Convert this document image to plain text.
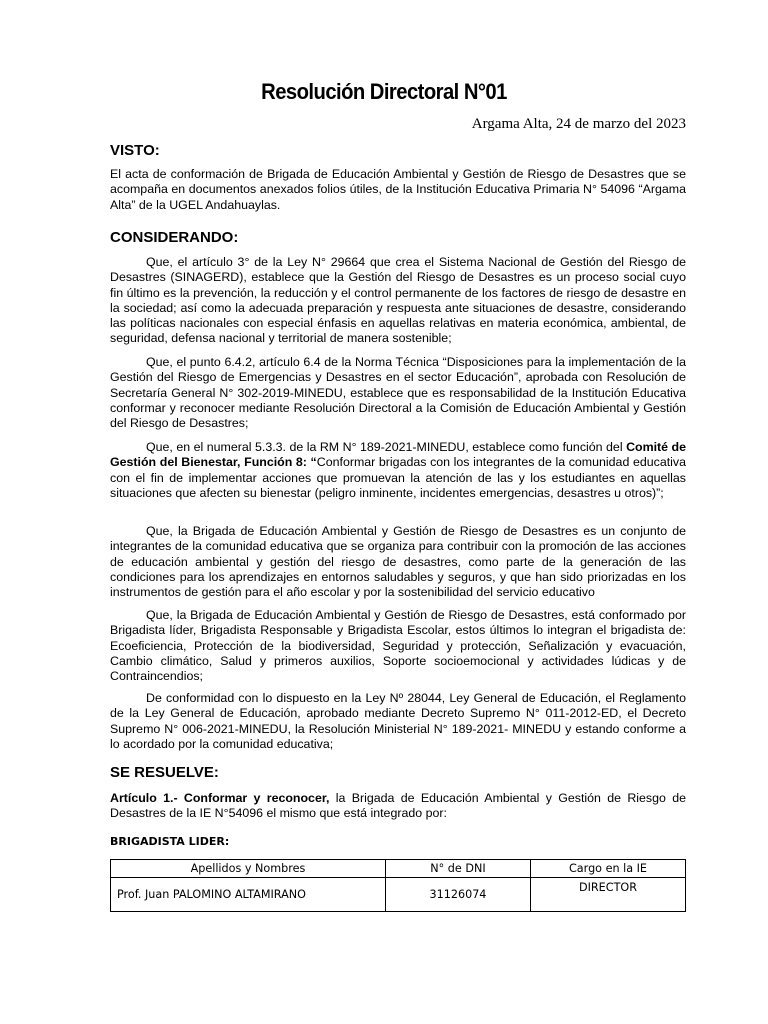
Resolución Directoral N°01
Argama Alta, 24 de marzo del 2023
VISTO:
El acta de conformación de Brigada de Educación Ambiental y Gestión de Riesgo de Desastres que se acompaña en documentos anexados folios útiles, de la Institución Educativa Primaria N° 54096 “Argama Alta” de la UGEL Andahuaylas.
CONSIDERANDO:
Que, el artículo 3° de la Ley N° 29664 que crea el Sistema Nacional de Gestión del Riesgo de Desastres (SINAGERD), establece que la Gestión del Riesgo de Desastres es un proceso social cuyo fin último es la prevención, la reducción y el control permanente de los factores de riesgo de desastre en la sociedad; así como la adecuada preparación y respuesta ante situaciones de desastre, considerando las políticas nacionales con especial énfasis en aquellas relativas en materia económica, ambiental, de seguridad, defensa nacional y territorial de manera sostenible;
Que, el punto 6.4.2, artículo 6.4 de la Norma Técnica “Disposiciones para la implementación de la Gestión del Riesgo de Emergencias y Desastres en el sector Educación”, aprobada con Resolución de Secretaría General N° 302-2019-MINEDU, establece que es responsabilidad de la Institución Educativa conformar y reconocer mediante Resolución Directoral a la Comisión de Educación Ambiental y Gestión del Riesgo de Desastres;
Que, en el numeral 5.3.3. de la RM N° 189-2021-MINEDU, establece como función del Comité de Gestión del Bienestar, Función 8: “Conformar brigadas con los integrantes de la comunidad educativa con el fin de implementar acciones que promuevan la atención de las y los estudiantes en aquellas situaciones que afecten su bienestar (peligro inminente, incidentes emergencias, desastres u otros)”;
Que, la Brigada de Educación Ambiental y Gestión de Riesgo de Desastres es un conjunto de integrantes de la comunidad educativa que se organiza para contribuir con la promoción de las acciones de educación ambiental y gestión del riesgo de desastres, como parte de la generación de las condiciones para los aprendizajes en entornos saludables y seguros, y que han sido priorizadas en los instrumentos de gestión para el año escolar y por la sostenibilidad del servicio educativo
Que, la Brigada de Educación Ambiental y Gestión de Riesgo de Desastres, está conformado por Brigadista líder, Brigadista Responsable y Brigadista Escolar, estos últimos lo integran el brigadista de: Ecoeficiencia, Protección de la biodiversidad, Seguridad y protección, Señalización y evacuación, Cambio climático, Salud y primeros auxilios, Soporte socioemocional y actividades lúdicas y de Contraincendios;
De conformidad con lo dispuesto en la Ley Nº 28044, Ley General de Educación, el Reglamento de la Ley General de Educación, aprobado mediante Decreto Supremo N° 011-2012-ED, el Decreto Supremo N° 006-2021-MINEDU, la Resolución Ministerial N° 189-2021- MINEDU y estando conforme a lo acordado por la comunidad educativa;
SE RESUELVE:
Artículo 1.- Conformar y reconocer, la Brigada de Educación Ambiental y Gestión de Riesgo de Desastres de la IE N°54096 el mismo que está integrado por:
BRIGADISTA LIDER:
Apellidos y Nombres	N° de DNI	Cargo en la IE
Prof. Juan PALOMINO ALTAMIRANO	31126074	DIRECTOR
